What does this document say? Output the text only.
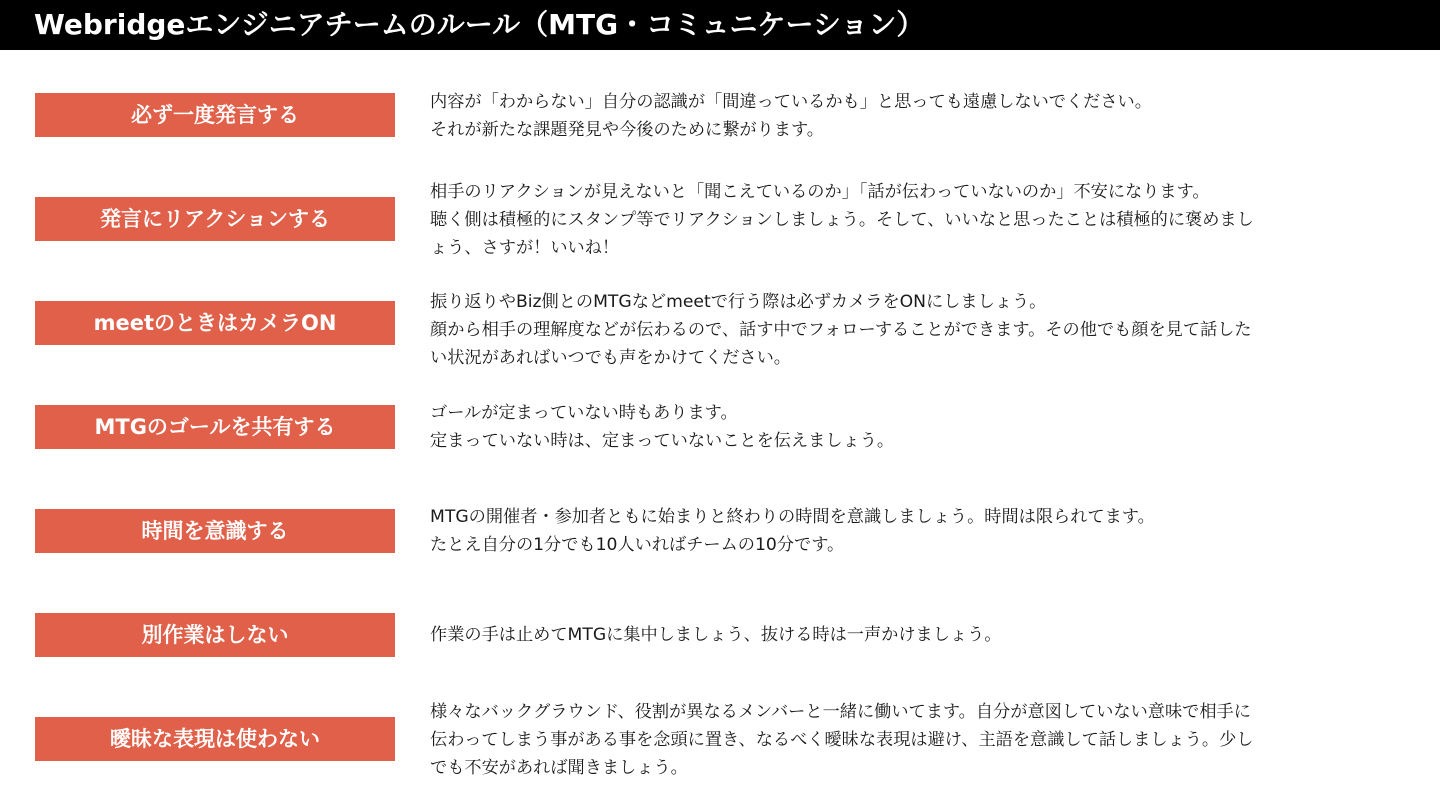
Webridgeエンジニアチームのルール（MTG・コミュニケーション）
必ず一度発言する
内容が「わからない」自分の認識が「間違っているかも」と思っても遠慮しないでください。
それが新たな課題発見や今後のために繋がります。
発言にリアクションする
相手のリアクションが見えないと「聞こえているのか」「話が伝わっていないのか」不安になります。
聴く側は積極的にスタンプ等でリアクションしましょう。そして、いいなと思ったことは積極的に褒めまし
ょう、さすが！いいね！
meetのときはカメラON
振り返りやBiz側とのMTGなどmeetで行う際は必ずカメラをONにしましょう。
顔から相手の理解度などが伝わるので、話す中でフォローすることができます。その他でも顔を見て話した
い状況があればいつでも声をかけてください。
MTGのゴールを共有する
ゴールが定まっていない時もあります。
定まっていない時は、定まっていないことを伝えましょう。
時間を意識する
MTGの開催者・参加者ともに始まりと終わりの時間を意識しましょう。時間は限られてます。
たとえ自分の1分でも10人いればチームの10分です。
別作業はしない	作業の手は止めてMTGに集中しましょう、抜ける時は一声かけましょう。
曖昧な表現は使わない
様々なバックグラウンド、役割が異なるメンバーと一緒に働いてます。自分が意図していない意味で相手に
伝わってしまう事がある事を念頭に置き、なるべく曖昧な表現は避け、主語を意識して話しましょう。少し
でも不安があれば聞きましょう。
